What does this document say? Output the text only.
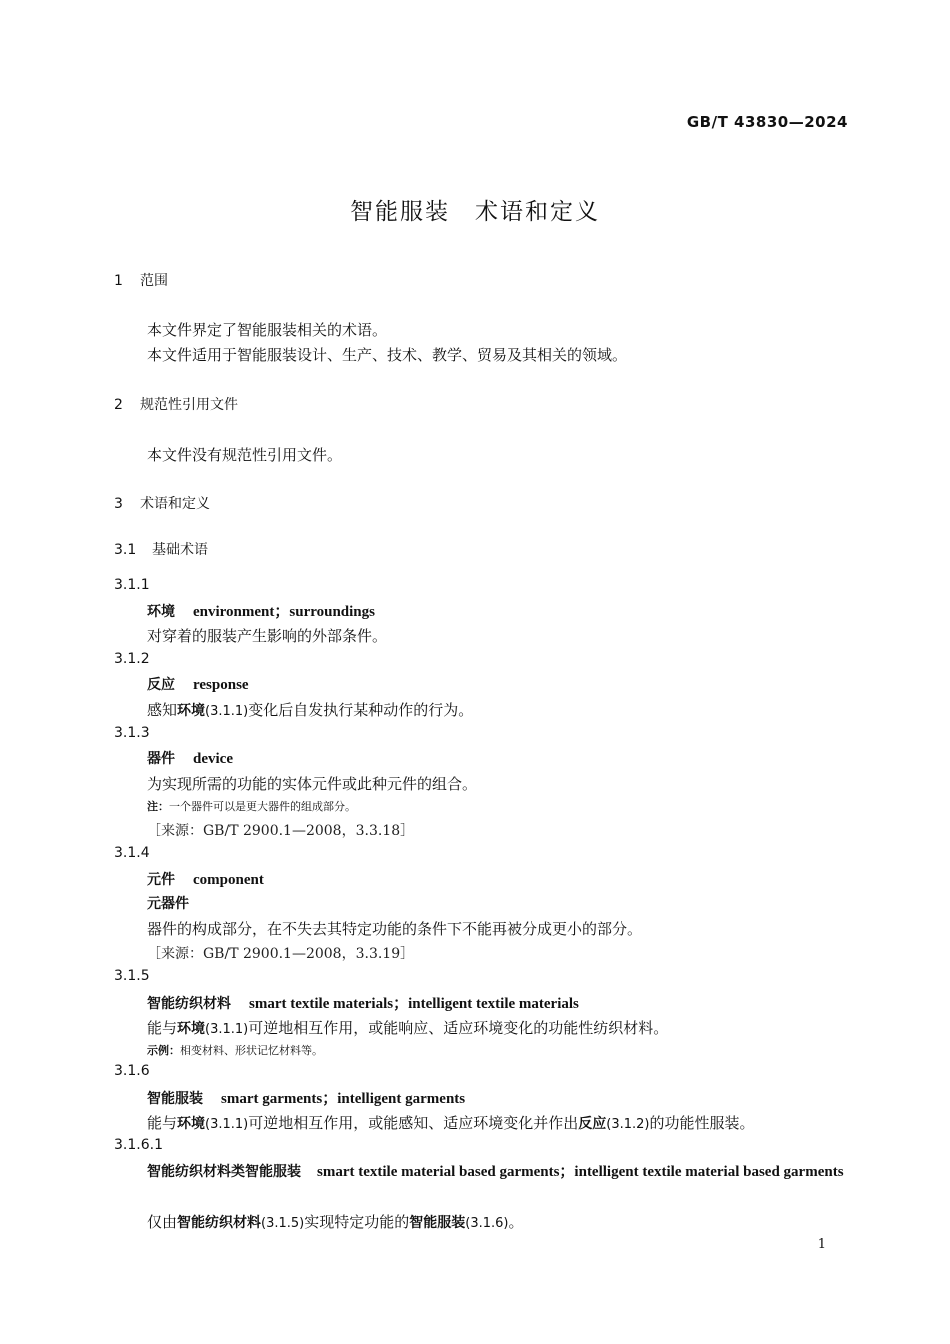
GB/T 43830—2024
智能服装　术语和定义
1 范围
本文件界定了智能服装相关的术语。
本文件适用于智能服装设计、生产、技术、教学、贸易及其相关的领域。
2 规范性引用文件
本文件没有规范性引用文件。
3 术语和定义
3.1 基础术语
3.1.1
环境 environment；surroundings
对穿着的服装产生影响的外部条件。
3.1.2
反应 response
感知环境(3.1.1)变化后自发执行某种动作的行为。
3.1.3
器件 device
为实现所需的功能的实体元件或此种元件的组合。
注：一个器件可以是更大器件的组成部分。
［来源：GB/T 2900.1—2008，3.3.18］
3.1.4
元件 component
元器件
器件的构成部分，在不失去其特定功能的条件下不能再被分成更小的部分。
［来源：GB/T 2900.1—2008，3.3.19］
3.1.5
智能纺织材料 smart textile materials；intelligent textile materials
能与环境(3.1.1)可逆地相互作用，或能响应、适应环境变化的功能性纺织材料。
示例：相变材料、形状记忆材料等。
3.1.6
智能服装 smart garments；intelligent garments
能与环境(3.1.1)可逆地相互作用，或能感知、适应环境变化并作出反应(3.1.2)的功能性服装。
3.1.6.1
智能纺织材料类智能服装 smart textile material based garments；intelligent textile material based garments
仅由智能纺织材料(3.1.5)实现特定功能的智能服装(3.1.6)。
1
